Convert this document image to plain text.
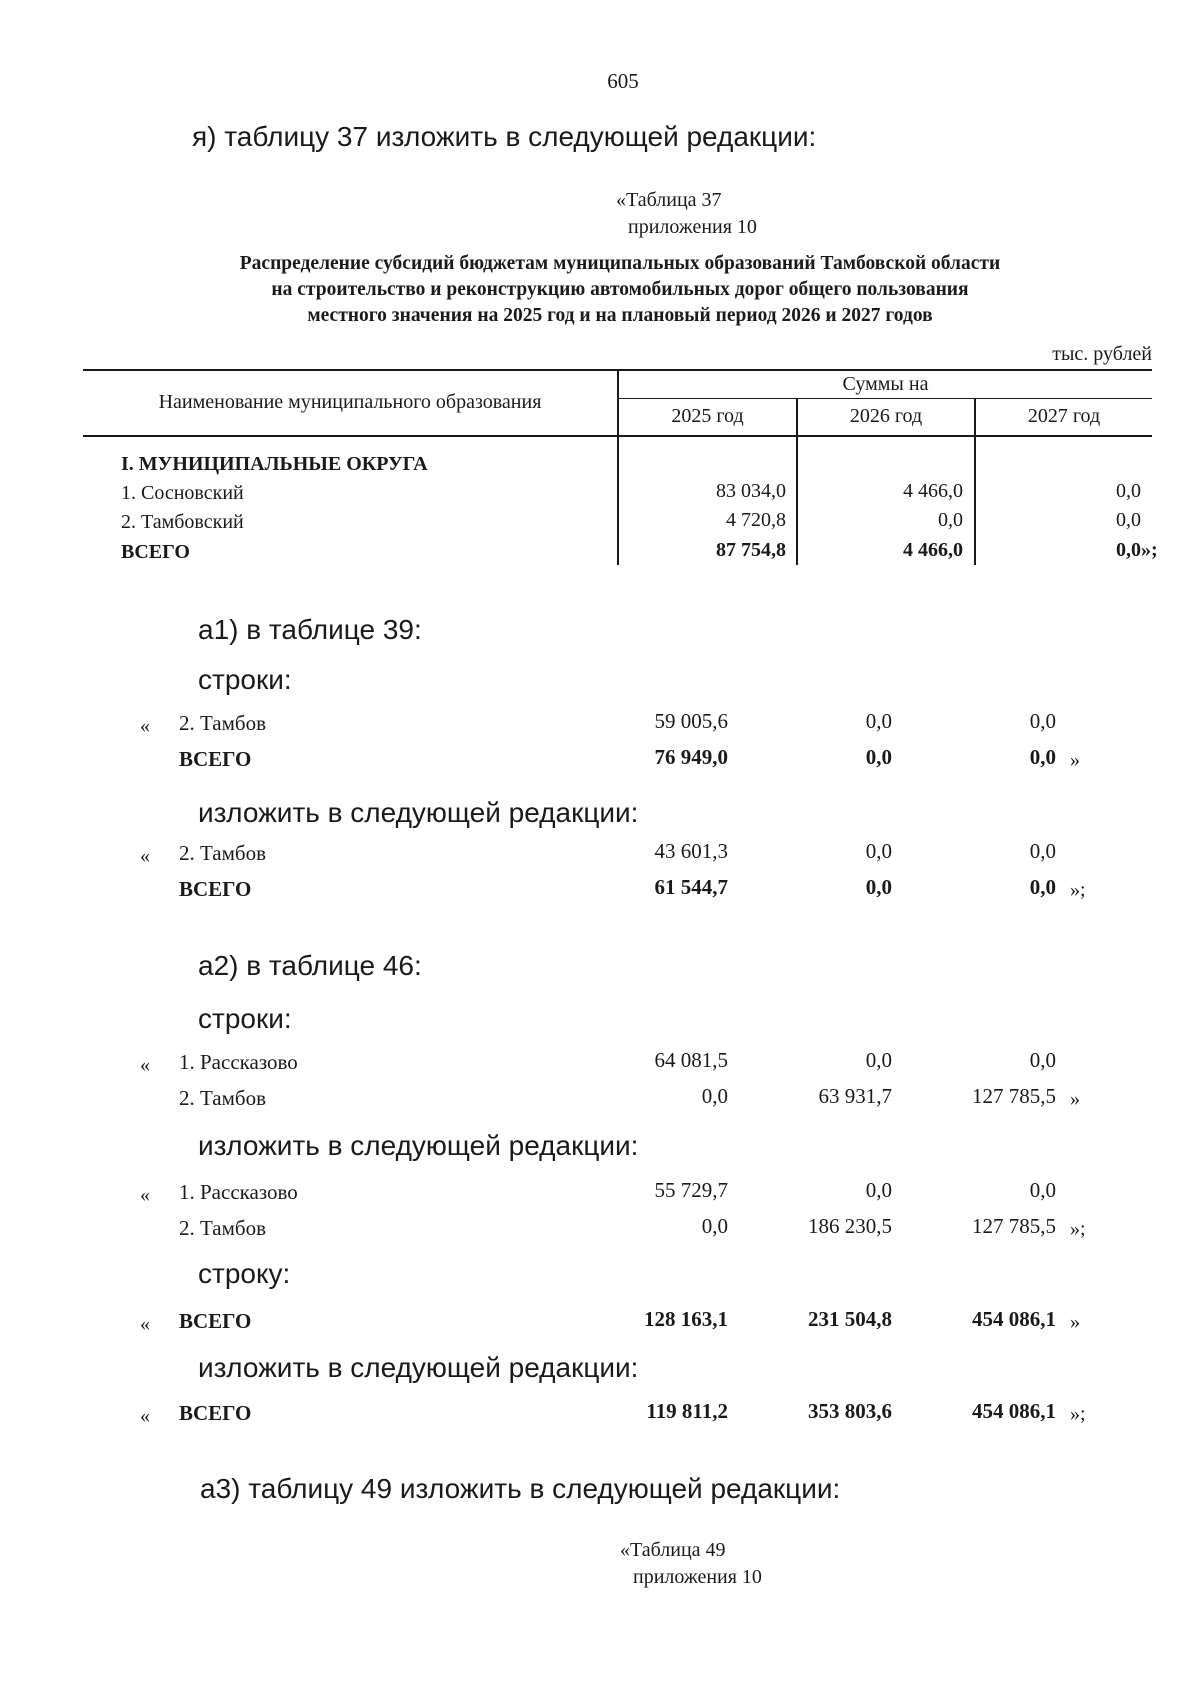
605
я) таблицу 37 изложить в следующей редакции:
«Таблица 37
приложения 10
Распределение субсидий бюджетам муниципальных образований Тамбовской области
на строительство и реконструкцию автомобильных дорог общего пользования
местного значения на 2025 год и на плановый период 2026 и 2027 годов
тыс. рублей
Наименование муниципального образования
Суммы на
2025 год	2026 год	2027 год
I. МУНИЦИПАЛЬНЫЕ ОКРУГА
1. Сосновский	83 034,0	4 466,0	0,0
2. Тамбовский	4 720,8	0,0	0,0
ВСЕГО	87 754,8	4 466,0	0,0»;
а1) в таблице 39:
строки:
« 2. Тамбов	59 005,6	0,0	0,0
ВСЕГО	76 949,0	0,0	0,0 »
изложить в следующей редакции:
« 2. Тамбов	43 601,3	0,0	0,0
ВСЕГО	61 544,7	0,0	0,0 »;
а2) в таблице 46:
строки:
« 1. Рассказово	64 081,5	0,0	0,0
2. Тамбов	0,0	63 931,7	127 785,5 »
изложить в следующей редакции:
« 1. Рассказово	55 729,7	0,0	0,0
2. Тамбов	0,0	186 230,5	127 785,5 »;
строку:
« ВСЕГО	128 163,1	231 504,8	454 086,1 »
изложить в следующей редакции:
« ВСЕГО	119 811,2	353 803,6	454 086,1 »;
а3) таблицу 49 изложить в следующей редакции:
«Таблица 49
приложения 10
